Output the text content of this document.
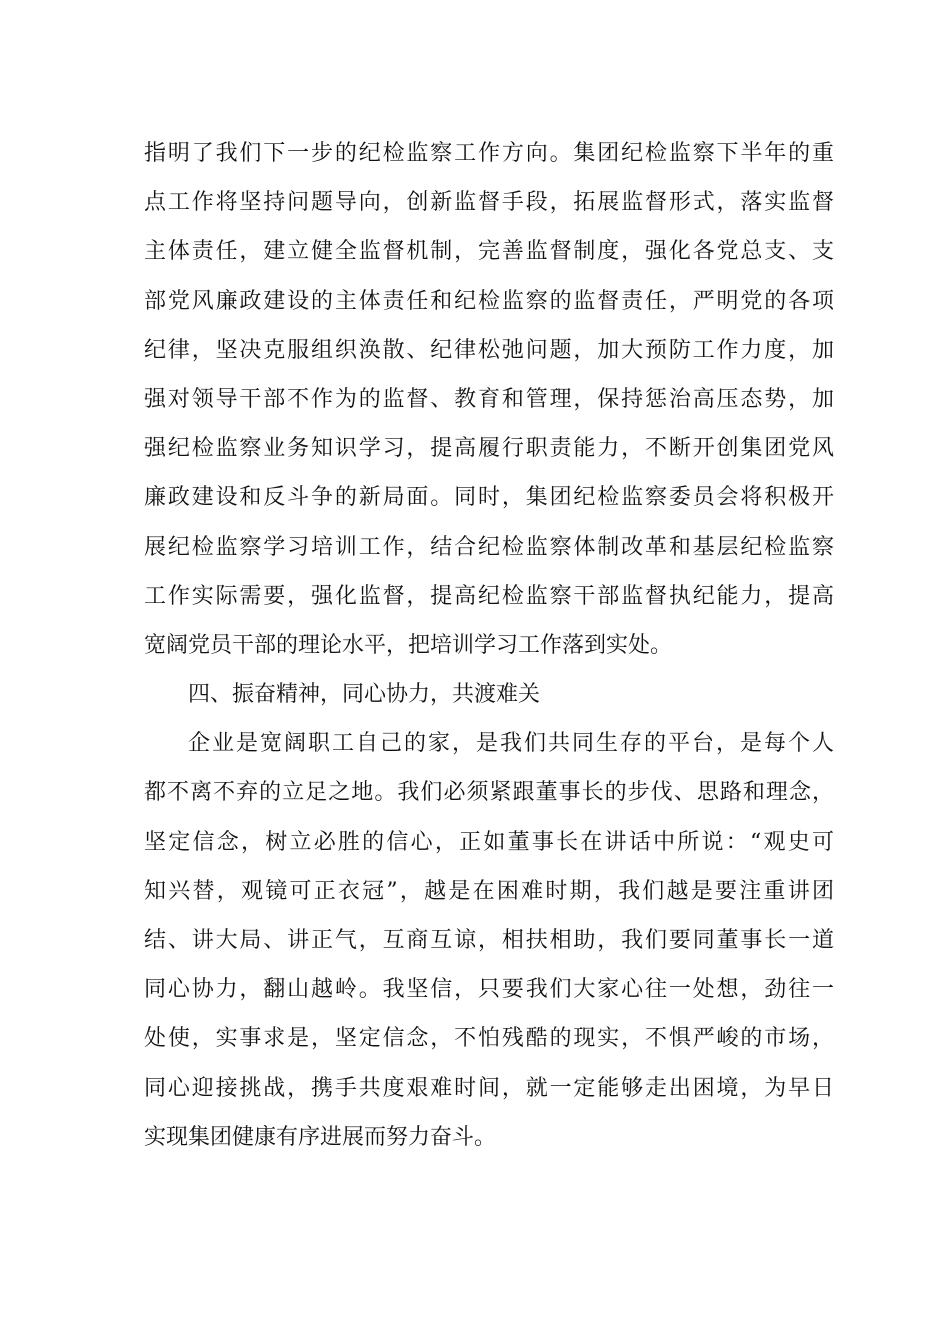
指明了我们下一步的纪检监察工作方向。集团纪检监察下半年的重
点工作将坚持问题导向，创新监督手段，拓展监督形式，落实监督
主体责任，建立健全监督机制，完善监督制度，强化各党总支、支
部党风廉政建设的主体责任和纪检监察的监督责任，严明党的各项
纪律，坚决克服组织涣散、纪律松弛问题，加大预防工作力度，加
强对领导干部不作为的监督、教育和管理，保持惩治高压态势，加
强纪检监察业务知识学习，提高履行职责能力，不断开创集团党风
廉政建设和反斗争的新局面。同时，集团纪检监察委员会将积极开
展纪检监察学习培训工作，结合纪检监察体制改革和基层纪检监察
工作实际需要，强化监督，提高纪检监察干部监督执纪能力，提高
宽阔党员干部的理论水平，把培训学习工作落到实处。
四、振奋精神，同心协力，共渡难关
企业是宽阔职工自己的家，是我们共同生存的平台，是每个人
都不离不弃的立足之地。我们必须紧跟董事长的步伐、思路和理念，
坚定信念，树立必胜的信心，正如董事长在讲话中所说：“观史可
知兴替，观镜可正衣冠”，越是在困难时期，我们越是要注重讲团
结、讲大局、讲正气，互商互谅，相扶相助，我们要同董事长一道
同心协力，翻山越岭。我坚信，只要我们大家心往一处想，劲往一
处使，实事求是，坚定信念，不怕残酷的现实，不惧严峻的市场，
同心迎接挑战，携手共度艰难时间，就一定能够走出困境，为早日
实现集团健康有序进展而努力奋斗。
